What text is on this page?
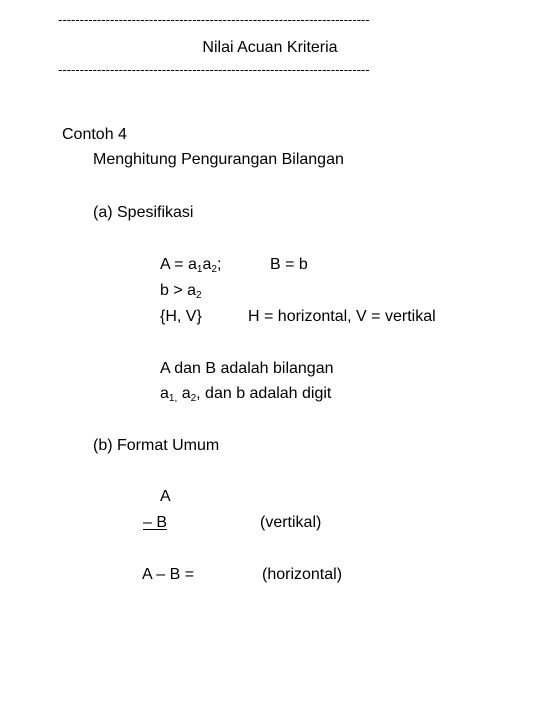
------------------------------------------------------------------------
Nilai Acuan Kriteria
------------------------------------------------------------------------
Contoh 4
Menghitung Pengurangan Bilangan
(a) Spesifikasi
$A = a_1a_2$;	B = b
$b > a_2$
{H, V}	H = horizontal, V = vertikal
A dan B adalah bilangan
$a_{1,}$ $a_2$, dan b adalah digit
(b) Format Umum
A
– B	(vertikal)
A – B =	(horizontal)
